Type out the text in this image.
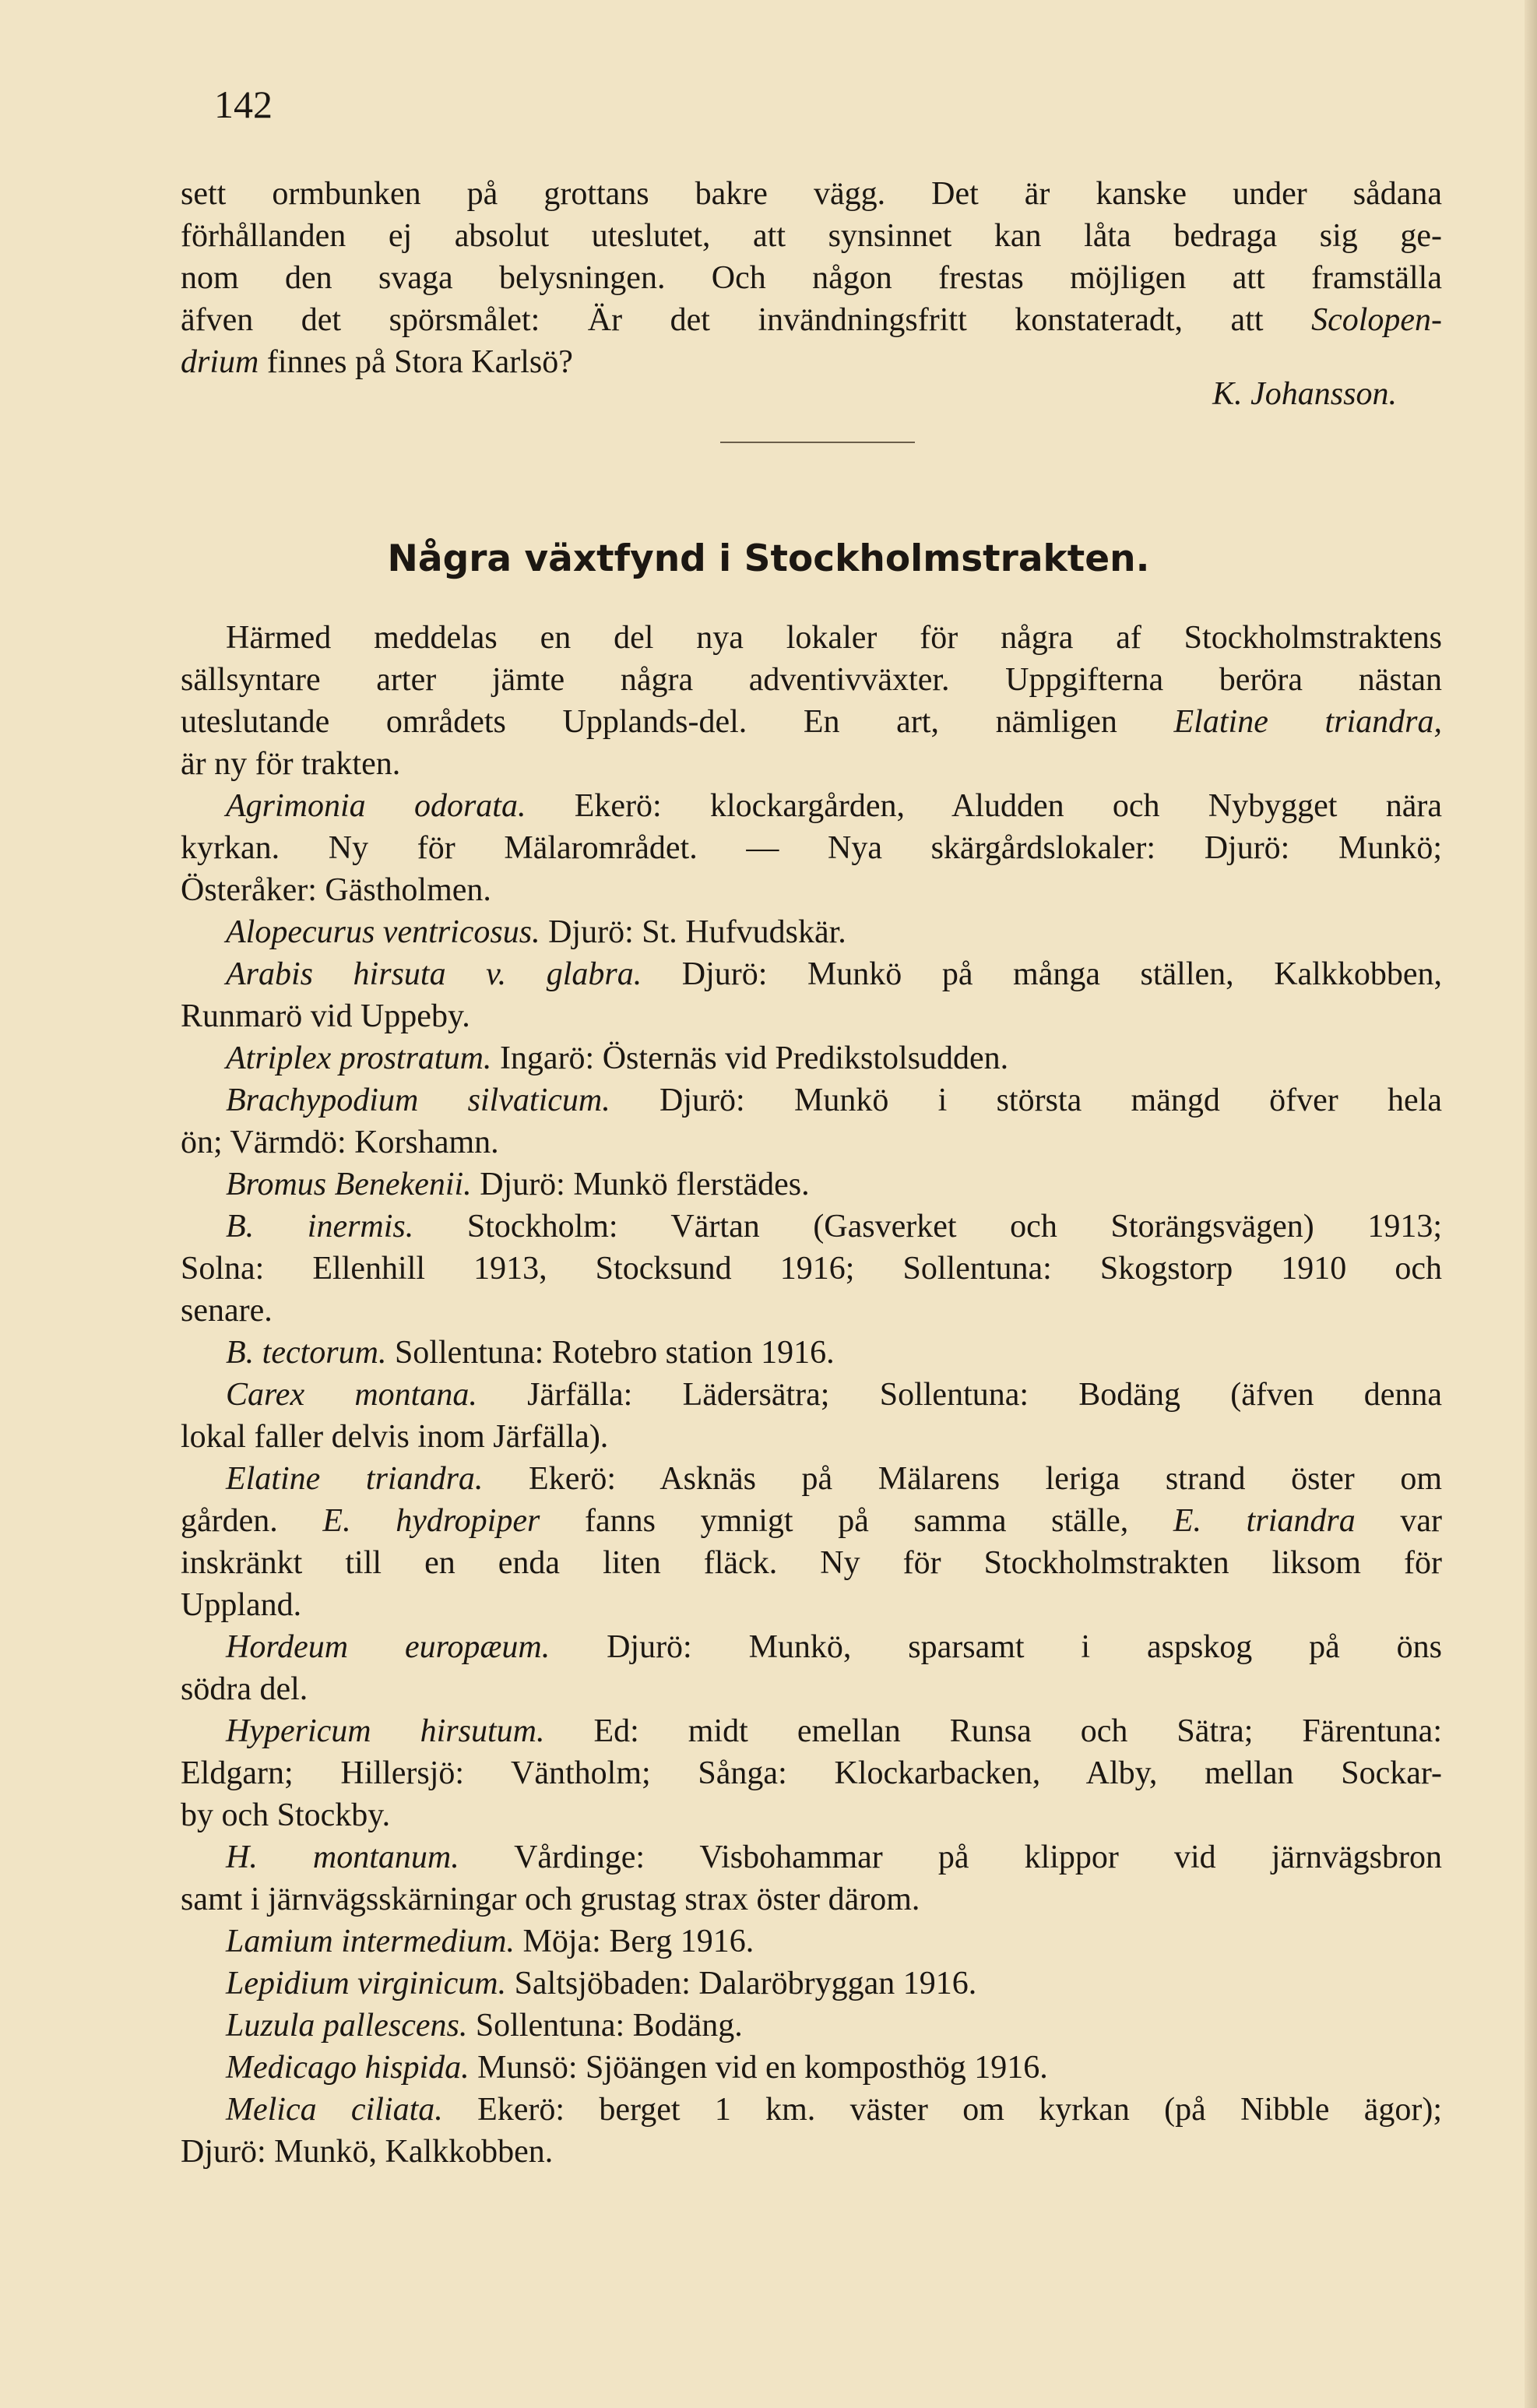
142
sett ormbunken på grottans bakre vägg. Det är kanske under sådana
förhållanden ej absolut uteslutet, att synsinnet kan låta bedraga sig ge-
nom den svaga belysningen. Och någon frestas möjligen att framställa
äfven det spörsmålet: Är det invändningsfritt konstateradt, att Scolopen-
drium finnes på Stora Karlsö?
K. Johansson.
Några växtfynd i Stockholmstrakten.
Härmed meddelas en del nya lokaler för några af Stockholmstraktens
sällsyntare arter jämte några adventivväxter. Uppgifterna beröra nästan
uteslutande områdets Upplands-del. En art, nämligen Elatine triandra,
är ny för trakten.
Agrimonia odorata. Ekerö: klockargården, Aludden och Nybygget nära
kyrkan. Ny för Mälarområdet. — Nya skärgårdslokaler: Djurö: Munkö;
Österåker: Gästholmen.
Alopecurus ventricosus. Djurö: St. Hufvudskär.
Arabis hirsuta v. glabra. Djurö: Munkö på många ställen, Kalkkobben,
Runmarö vid Uppeby.
Atriplex prostratum. Ingarö: Östernäs vid Predikstolsudden.
Brachypodium silvaticum. Djurö: Munkö i största mängd öfver hela
ön; Värmdö: Korshamn.
Bromus Benekenii. Djurö: Munkö flerstädes.
B. inermis. Stockholm: Värtan (Gasverket och Storängsvägen) 1913;
Solna: Ellenhill 1913, Stocksund 1916; Sollentuna: Skogstorp 1910 och
senare.
B. tectorum. Sollentuna: Rotebro station 1916.
Carex montana. Järfälla: Lädersätra; Sollentuna: Bodäng (äfven denna
lokal faller delvis inom Järfälla).
Elatine triandra. Ekerö: Asknäs på Mälarens leriga strand öster om
gården. E. hydropiper fanns ymnigt på samma ställe, E. triandra var
inskränkt till en enda liten fläck. Ny för Stockholmstrakten liksom för
Uppland.
Hordeum europæum. Djurö: Munkö, sparsamt i aspskog på öns
södra del.
Hypericum hirsutum. Ed: midt emellan Runsa och Sätra; Färentuna:
Eldgarn; Hillersjö: Väntholm; Sånga: Klockarbacken, Alby, mellan Sockar-
by och Stockby.
H. montanum. Vårdinge: Visbohammar på klippor vid järnvägsbron
samt i järnvägsskärningar och grustag strax öster därom.
Lamium intermedium. Möja: Berg 1916.
Lepidium virginicum. Saltsjöbaden: Dalaröbryggan 1916.
Luzula pallescens. Sollentuna: Bodäng.
Medicago hispida. Munsö: Sjöängen vid en komposthög 1916.
Melica ciliata. Ekerö: berget 1 km. väster om kyrkan (på Nibble ägor);
Djurö: Munkö, Kalkkobben.
